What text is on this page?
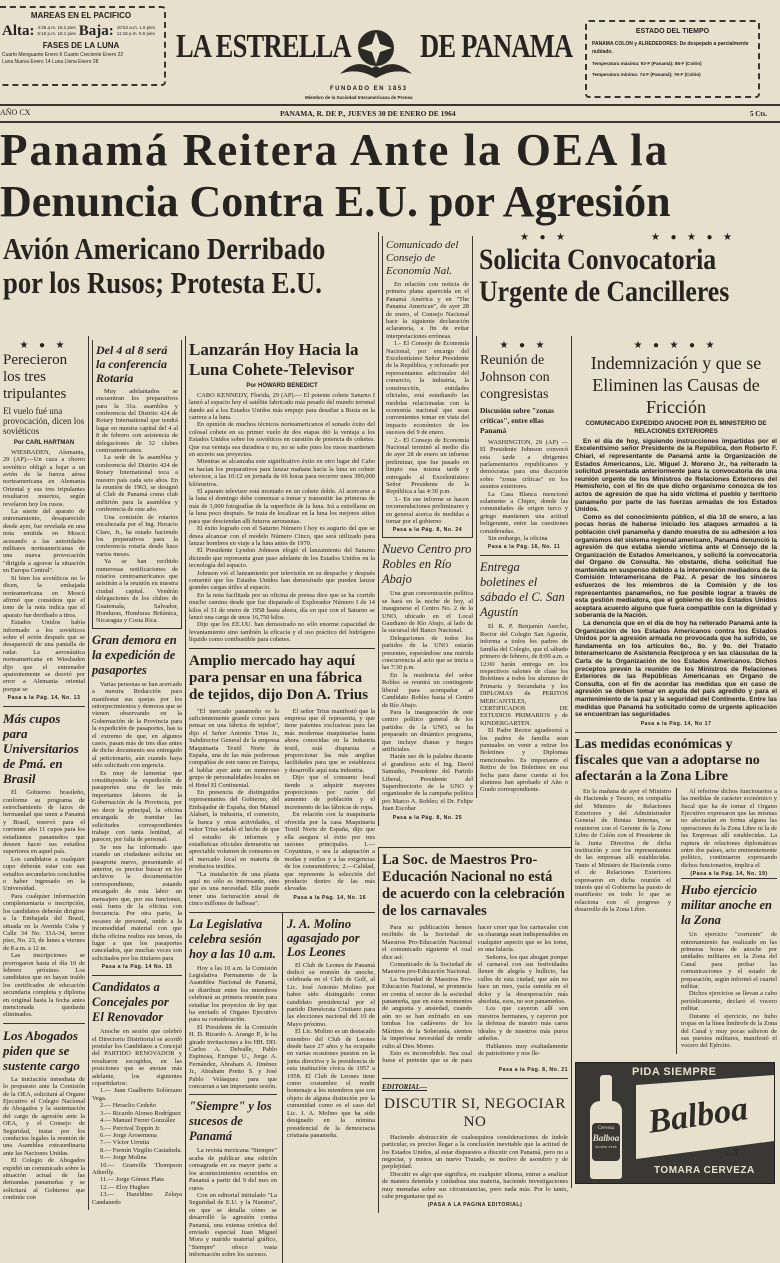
MAREAS EN EL PACIFICO
Alta: 4:45 a.m. 18.2 pies
5:16 p.m. 18.1 pies Baja: 10:53 a.m. 1.6 pies
11:15 p.m. 0.6 pies
FASES DE LA LUNA
Cuarto Menguante Enero 6 Cuarto Creciente Enero 22
Luna Nueva Enero 14 Luna Llena Enero 28	LA ESTRELLA DE PANAMA
FUNDADO EN 1853
Miembro de la Sociedad Interamericana de Prensa
ESTADO DEL TIEMPO
PANAMA COLON y ALREDEDORES: De despejado a parcialmente nublado.
Temperatura máxima: 93·F (Panamá); 85·F (Colón)
Temperatura mínima: 74·F (Panamá); 76·F (Colón)
AÑO CX	PANAMA, R. DE P., JUEVES 30 DE ENERO DE 1964	5 Cts.
Panamá Reitera Ante la OEA la
Denuncia Contra E.U. por Agresión
Avión Americano Derribado
por los Rusos; Protesta E.U.
★ ● ★	★ ● ★ ● ★
Solicita Convocatoria
Urgente de Cancilleres
Comunicado del Consejo de Economía Nal.

En relación con noticia de primera plana aparecida en el Panamá América y en "The Panama American", de ayer 28 de enero, el Consejo Nacional hace la siguiente declaración aclaratoria, a fin de evitar interpretaciones erróneas.

1.- El Consejo de Economía Nacional, por encargo del Excelentísimo Señor Presidente de la República, y reforzado por representantes adicionales del comercio, la industria, la construcción, entidades oficiales, está estudiando las medidas relacionadas con la economía nacional que sean convenientes tomar en vista del impacto económico de los sucesos del 9 de enero.

2.- El Consejo de Economía Nacional terminó al medio día de ayer 28 de enero un informe preliminar, que fue pasado en limpio esa misma tarde y entregado al Excelentísimo Señor Presidente de la República a las 4:30 p.m.

3.- En ese informe se hacen recomendaciones preliminares y en general acerca de medidas a tomar por el gobierno

Pasa a la Pág. 8, No. 24
Nuevo Centro pro Robles en Río Abajo

Una gran concentración política se hará en la noche de hoy, al inaugurarse el Centro No. 2 de la UNO, ubicado en el Local Gaudiano de Río Abajo, al lado de la sucursal del Banco Nacional.

Delegaciones de todos los partidos de la UNO estarán presentes, esperándose una nutrida concurrencia al acto que se inicia a las 7:30 p.m.

En la residencia del señor Robles se reunirá un contingente liberal para acompañar al Candidato Robles hasta el Centro de Río Abajo.

Para la inauguración de este centro político general de los partidos de la UNO, se ha preparado un dinámico programa, que incluye dianas y fuegos artificiales.

Harán uso de la palabra durante el grandioso acto el Ing. David Samudio, Presidente del Partido Liberal, Presidente del Superdirectorio de la UNO y organizador de la campaña política pro Marco A. Robles; el Dr. Felipe Juan Escobar

Pasa a la Pág. 8, No. 25
★ ● ★
Perecieron los tres tripulantes
El vuelo fué una provocación, dicen los soviéticos
Por CARL HARTMAN

WIESBADEN, Alemania, 29 (AP).—Un caza a chorro soviético obligó a bajar a un avión de la fuerza aérea norteamericana en Alemania Oriental y sus tres tripulantes resultaron muertos, según revelaron hoy los rusos.

La suerte del aparato de entrenamiento, desaparecido desde ayer, fue revelada en una nota emitida en Moscú acusando a las autoridades militares norteamericanas de una nueva provocación "dirigida a agravar la situación en Europa Central".

Si bien los soviéticos no lo dicen, la embajada norteamericana en Moscú afirmó que considera que el tono de la nota indica que el aparato fue derribado a tiros.

Estados Unidos había informado a los soviéticos sobre el avión después que se desapareció de una pantalla de radar. La aeronáutica norteamericana en Wiesbaden dijo que el entrenador aparentemente se desvió por error a Alemania oriental porque se

Pasa a la Pág. 14, No. 13
Más cupos para Universitarios de Pmá. en Brasil

El Gobierno brasileño, conforme su programa de estrechamiento de lazos de hermandad que unen a Panamá y Brasil, reservó para el corriente año 11 cupos para los estudiantes panameños que deseen hacer sus estudios superiores en aquel país.

Los candidatos a cualquier cupo deberán estar con sus estudios secundarios concluidos o haber ingresado en la Universidad.

Para cualquier información complementaria o inscripción, los candidatos deberán dirigirse a la Embajada del Brasil, situada en la Avenida Cuba y Calle 34 No. 33A-34, tercer piso, No. 23, de lunes a viernes de 8 a.m. a 12 m.

Las inscripciones se prorrogaron hasta el día 10 de febrero próximo. Los candidatos que no hayan traído los certificados de educación secundaria completa y diploma en original hasta la fecha antes mencionada quedarán eliminados.

Los Abogados piden que se sustente cargo

La iniciación inmediata de lo propuesto ante la Comisión de la OEA, solicitará al Organo Ejecutivo el Colegio Nacional de Abogados y la sustentación del cargo de agresión ante la OEA, y el Consejo de Seguridad, instar por los conductos legales la reunión de una Asamblea extraordinaria ante las Naciones Unidas.

El Colegio de Abogados expidió un comunicado sobre la situación actual de las demandas panameñas y se solicitará al Gobierno que continúe con

Del 4 al 8 será la conferencia Rotaria

Muy adelantados se encuentran los preparativos para la 31a. asamblea y conferencia del Distrito 424 de Rotary International que tendrá lugar en nuestra capital del 4 al 8 de febrero con asistencia de delegaciones de 32 clubes centroamericanos.

La sede de la asamblea y conferencia del Distrito 424 de Rotary International toca a nuestro país cada seis años. En la reunión de 1963, se designó al Club de Panamá como club anfitrión para la asamblea y conferencia de este año.

Una comisión de rotarios encabezada por el Ing. Horacio Clare, Jr., ha estado haciendo los preparativos para la conferencia rotaria desde hace varios meses.

Ya se han recibido numerosas notificaciones de rotarios centroamericanos que asistirán a la reunión en nuestra ciudad capital. Vendrán delegaciones de los clubes de Guatemala, Salvador, Honduras, Honduras Británica, Nicaragua y Costa Rica.

Gran demora en la expedición de pasaportes

Varias personas se han acercado a nuestra Redacción para manifestar sus quejas por los entorpecimientos y demoras que se vienen observando en la Gobernación de la Provincia para la expedición de pasaportes, has ta el extremo de que, en algunos casos, pasan más de tres días antes de dicho documento sea entregado al peticionario, aún cuando haya sido solicitado con urgencia.

Es muy de lamentar que constituyendo la expedición de pasaportes una de las más importantes labores de la Gobernación de la Provincia, por no decir la principal, la oficina encargada de tramitar las solicitudes correspondientes trabaje con tanta lentitud, al parecer, por falta de personal.

Se nos ha informado que cuando un ciudadano solicita un pasaporte nuevo, presentando el anterior, es preciso buscar en los archivos la documentación correspondiente, estando encargado de esta labor un mensajero que, por sus funciones, está fuera de la oficina con frecuencia. Por otra parte, la escasez de personal, unido a la incomodidad material con que dicha oficina realiza sus tareas, da lugar a que los pasaportes cancelados, que muchas veces son solicitados por los titulares para

Pasa a la Pág. 14 No. 15
Candidatos a Concejales por El Renovador

Anoche en sesión que celebró el Directorio Distritorial se acordó postular los Candidatos a Concejal del PARTIDO RENOVADOR y resultaron escogidos, en las posiciones que se anotan más adelante, los siguientes copartidarios:

1.— Juan Gualberto Solórzano Vega.

2.— Heraclio Cedeño

3.— Ricardo Alonso Rodríguez

4.— Manuel Ferrer González

5.— Percival Toppin Jr.

6.— Jorge Arosemena

7.— Víctor Urrutia

8.— Fermín Virgilio Castañeda.

9.— Jorge Molina

10.— Granville Thompson Atherlly.

11.— Jorge Gómez Plata

12.— Eloy Hughes

13.— Hazeldino Zelaya Candanedo

Lanzarán Hoy Hacia la Luna Cohete-Televisor
Por HOWARD BENEDICT

CABO KENNEDY, Florida, 29 (AP).— El potente cohete Saturno I lanzó al espacio hoy el satélite fabricado más pesado del mundo terrenal dando así a los Estados Unidos más empuje para desafiar a Rusia en la carrera a la luna.

En opinión de muchos técnicos norteamericanos el sonado éxito del colosal cohete en su primer vuelo de dos etapas dió la ventaja a los Estados Unidos sobre los soviéticos en cuestión de potencia de cohetes. Que esa ventaja sea duradera o no, no se sabe pues los rusos mantienen en secreto sus proyectos.

Mientras se alcanzaba este significativo éxito en otro lugar del Cabo se hacían los preparativos para lanzar mañana hacia la luna un cohete televisor, a las 10:12 en jornada de 66 horas para recorrer unos 390,000 kilómetros.

El aparato televisor está montado en un cohete doble. Al acercarse a la luna el domingo debe comenzar a tomar y transmitir las primeras de más de 3,000 fotografías de la superficie de la luna. Irá a estrellarse en la luna poco después. Se trata de localizar en la luna los mejores sitios para que desciendan allí futuros aeronautas.

El éxito logrado con el Saturno Número I hoy es augurio del que se desea alcanzar con el modelo Número Cinco, que será utilizado para lanzar hombres en viaje a la luna antes de 1970.

El Presidente Lyndon Johnson elogió el lanzamiento del Saturno diciendo que representa gran paso adelante de los Estados Unidos en la tecnología del espacio.

Johnson vió el lanzamiento por televisión en su despacho y después comentó que los Estados Unidos han demostrado que pueden lanzar grandes cargas útiles al espacio.

En la nota facilitada por su oficina de prensa dice que se ha corrido mucho camino desde que fue disparado el Explorador Número I de 14 kilos el 31 de enero de 1958 hasta ahora, día en que con el Saturno se lanzó una carga de unos 16,750 kilos.

Dijo que los EE.UU. han demostrado no sólo enorme capacidad de levantamiento sino también la eficacia y el uso práctico del hidrógeno líquido como combustible para cohetes.

Amplio mercado hay aquí para pensar en una fábrica de tejidos, dijo Don A. Trius

"El mercado panameño es lo suficientemente grande como para pensar en una fábrica de tejidos", dijo el Señor Antonio Trius Jr., Subdirector General de la empresa Maquinaria Textil Norte de España, una de las más poderosas compañías de este ramo en Europa, al hablar ayer ante un numeroso grupo de personalidades locales en el Hotel El Continental.

En presencia de distinguidos representantes del Gobierno, del Embajador de España, don Manuel Alabart, la industria, el comercio, la banca y otras actividades, el señor Trius señaló el hecho de que el estudio de informes y estadísticas oficiales demuestra un apreciable volumen de consumo en el mercado local en materia de productos textiles.

"La instalación de una planta aquí no sólo es interesante, sino que es una necesidad. Ella puede tener una facturación anual de cinco millones de balboas".

El señor Trius manifestó que la empresa que él representa, y que tiene patentes exclusivas para las más modernas maquinarias hasta ahora conocidas en la industria textil, está dispuesta a proporcionar las más amplias facilidades para que se establezca y desarrolle aquí esta industria.

Dijo que el consumo local tiende a adquirir mayores proporciones por razón del aumento de población y el incremento de las fábricas de ropa.

En relación con la maquinaria ofrecida por la casa Maquinaria Textil Norte de España, dijo que ella asegura el éxito por tres razones principales. 1.—Coyuntura, o sea la adaptación a modas y estilos y a las exigencias de los consumidores; 2.—Calidad, que represente la selección del producto dentro de las más elevadas

Pasa a la Pág. 14, No. 16
La Legislativa celebra sesión hoy a las 10 a.m.

Hoy a las 10 a.m. la Comisión Legislativa Permanente de la Asamblea Nacional de Panamá, se distribuir entre los miembros celebrará su primera reunión para estudiar los proyectos de ley que ha enviado el Organo Ejecutivo para su consideración.

El Presidente de la Comisión H. D. Ricardo A. Arango P., le ha girado invitaciones a los HH. DD. Carlos A. Delvalle, Pablo Espinosa, Enrique U., Jorge A. Fernández, Abraham A. Jiménez Jr., Abraham Pretto S. y José Pablo Velásquez para que concurran a tan importante sesión.

"Siempre" y los sucesos de Panamá

La revista mexicana "Siempre" acaba de publicar una edición consagrada en su mayor parte a los acontecimientos ocurridos en Panamá a partir del 9 del mes en curso.

Con un editorial intitulado "La Seguridad de E.U. y la Nuestra", en que se detalla cómo se desarrolló la agresión contra Panamá, una extensa crónica del enviado especial Juan Miguel Mora y nutrido material gráfico, "Siempre" ofrece vasta información sobre los sucesos.

J. A. Molino agasajado por Los Leones

El Club de Leones de Panamá dedicó su reunión de anoche, celebrada en el Club de Golf, al Lic. José Antonio Molino por haber sido distinguido como candidato presidencial por el partido Demócrata Cristiano para las elecciones nacional del 10 de Mayo próximo.

El Lic. Molino es un destacado miembro del Club de Leones desde hace 27 años y ha ocupado en varias ocasiones puestos en la junta directiva y la presidencia de esta institución cívica de 1957 a 1958. El Club de Leones tiene como costumbre el rendir homenaje a los miembros que son objeto de alguna distinción por la comunidad como es el caso del Lic. J. A. Molino que ha sido designado en la nómina presidencial de la democracia cristiana panameña.

★ ● ★
Reunión de Johnson con congresistas
Discusión sobre "zonas críticas", entre ellas Panamá

WASHINGTON, 29 (AP) — El Presidente Johnson convocó esta tarde a dirigentes parlamentarios republicanos y demócratas para una discusión sobre "zonas críticas" en los asuntos exteriores.

La Casa Blanca mencionó solamente a Chipre, donde las comunidades de origen turco y griego mantienen una actitud beligerante, entre las cuestiones consideradas.

Sin embargo, la oficina

Pasa a la Pág. 16, No. 11
Entrega boletines el sábado el C. San Agustín

El R. P. Benjamín Asecho, Rector del Colegio San Agustín, informa a todos los padres de familia del Colegio, que el sábado primero de febrero, de 8:00 a.m. a 12:00 harán entrega en los respectivos salones de clase los Boletines a todos los alumnos de Primaria y Secundaria y los DIPLOMAS de PERITOS MERCANTILES, CERTIFICADOS DE ESTUDIOS PRIMARIOS y de KINDERGARTEN.

El Padre Rector agradecerá a los padres de familia sean puntuales en venir a retirar los Boletines y Diplomas mencionados. Es importante el Retiro de los Boletines en esa fecha para darse cuenta si los alumnos han aprobado el Año o Grado correspondiente.

La Soc. de Maestros Pro-Educación Nacional no está de acuerdo con la celebración de los carnavales

Para su publicación hemos recibido de la Sociedad de Maestros Pro-Educación Nacional el comunicado siguiente el cual dice así:

Comunicado de la Sociedad de Maestros pro-Educación Nacional.

La Sociedad de Maestros Pro-Educación Nacional, se pronuncia en contra el sector de la sociedad panameña, que en estos momentos de angustia y ansiedad, cuando aún no se han enfriado en sus tumbas los cadáveres de los Mártires de la Soberanía, sienten la imperiosa necesidad de rendir culto al Dios Momo.

Esto es inconcebible. Sea cual fuese el pretexto que se de para hacer creer que los carnavales con su charanga sean indispensables en cualquier aspecto que se les tome, es una falacia.

Señores, los que abogan porque el carnaval con sus festividades llenen de alegría y bullicio, las calles de esta ciudad, que aún no hace un mes, yacía sumida en el dolor y la desesperación más absoluta, esos, no son panameños.

Los que cayeron allí son nuestros hermanos, y cayeron por la defensa de nuestro más caros ideales y de nuestros más puros anhelos.

Hablamos muy exaltadamente de patriotismo y nos lle-

Pasa a la Pág. 8, No. 21
EDITORIAL—
DISCUTIR SI, NEGOCIAR NO

Haciendo abstracción de cualesquiera consideraciones de índole particular, es preciso llegar a la conclusión inevitable que la actitud de los Estados Unidos, al estar dispuestos a discutir con Panamá, pero no a negociar, y menos un nuevo Tratado, es motivo de asombro y de perplejidad.

Discutir es algo que significa, en cualquier idioma, entrar a analizar de manera detenida y cuidadosa una materia, haciendo investigaciones muy menudas sobre sus circunstancias, pero nada más. Por lo tanto, cabe preguntarse qué es

(PASA A LA PAGINA EDITORIAL)
★ ● ★ ● ★
Indemnización y que se Eliminen las Causas de Fricción
COMUNICADO EXPEDIDO ANOCHE POR EL MINISTERIO DE RELACIONES EXTERIORES

En el día de hoy, siguiendo instrucciones impartidas por el Excelentísimo señor Presidente de la República, don Roberto F. Chiari, el representante de Panamá ante la Organización de Estados Americanos, Lic. Miguel J. Moreno Jr., ha reiterado la solicitud presentada anteriormente para la convocatoria de una reunión urgente de los Ministros de Relaciones Exteriores del Hemisferio, con el fin de que dicho organismo conozca de los actos de agresión de que ha sido víctima el pueblo y territorio panameño por parte de las fuerzas armadas de los Estados Unidos.

Como es del conocimiento público, el día 10 de enero, a las pocas horas de haberse iniciado los ataques armados a la población civil panameña y dando muestra de su adhesión a los organismos del sistema regional americano, Panamá denunció la agresión de que estaba siendo víctima ante el Consejo de la Organización de Estados Americanos, y solicitó la convocatoria del Organo de Consulta. No obstante, dicha solicitud fue mantenida en suspenso debido a la intervención mediadora de la Comisión Interamericana de Paz. A pesar de los sinceros esfuerzos de los miembros de la Comisión y de los representantes panameños, no fue posible lograr a través de esta gestión mediadora, que el gobierno de los Estados Unidos aceptara acuerdo alguno que fuera compatible con la dignidad y soberanía de la Nación.

La denuncia que en el día de hoy ha reiterado Panamá ante la Organización de los Estados Americanos contra los Estados Unidos por la agresión armada no provocada que ha sufrido, se fundamenta en los artículos 6o., 8o. y 9o. del Tratado Interamericano de Asistencia Recíproca y en las cláusulas de la Carta de la Organización de los Estados Americanos. Dichos preceptos prevén la reunión de los Ministros de Relaciones Exteriores de las Repúblicas Americanas en Organo de Consulta, con el fin de acordar las medidas que en caso de agresión se deben tomar en ayuda del país agredido y para el mantenimiento de la paz y la seguridad del Continente. Entre las medidas que Panamá ha solicitado como de urgente aplicación se encuentran las seguridades

Pasa a la Pág. 14, No 17
Las medidas económicas y fiscales que van a adoptarse no afectarán a la Zona Libre

En la mañana de ayer el Ministro de Hacienda y Tesoro, en compañía del Ministro de Relaciones Exteriores y del Administrador General de Rentas Internas, se reunieron con el Gerente de la Zona Libre de Colón con el Presidente de la Junta Directiva de dicha institución y con los representantes de las empresas allí establecidas. Tanto el Ministro de Hacienda como el de Relaciones Exteriores expresaron en dicha reunión el interés que el Gobierno ha puesto de manifiesto en todo lo que se relaciona con el progreso y desarrollo de la Zona Libre.

Al referirse dichos funcionarios a las medidas de carácter económico y fiscal que ha de tomar el Organo Ejecutivo expresaron que las mismas no afectarían en forma alguna las operaciones de la Zona Libre ni la de las Empresas allí establecidas. La ruptura de relaciones diplomáticas entre dos países, acto eminentemente político, continuaron expresando dichos funcionarios, implica el

(Pasa a la Pág. 14, No. 19)
Hubo ejercicio militar anoche en la Zona

Un ejercicio "corriente" de entrenamiento fue realizado en las primeras horas de anoche por unidades militares en la Zona del Canal para probar las comunicaciones y el estado de preparación, según informó el cuartel militar.

Dichos ejercicios se llevan a cabo periódicamente, declaró el vocero militar.

Durante el ejercicio, no hubo tropas en la línea limítrofe de la Zona del Canal y muy pocas salieron de sus puestos militares, manifestó el vocero del Ejército.

PIDA SIEMPRE
Balboa
Cerveza
Balboa
PILSEN TYPE	...Y
TOMARA CERVEZA
